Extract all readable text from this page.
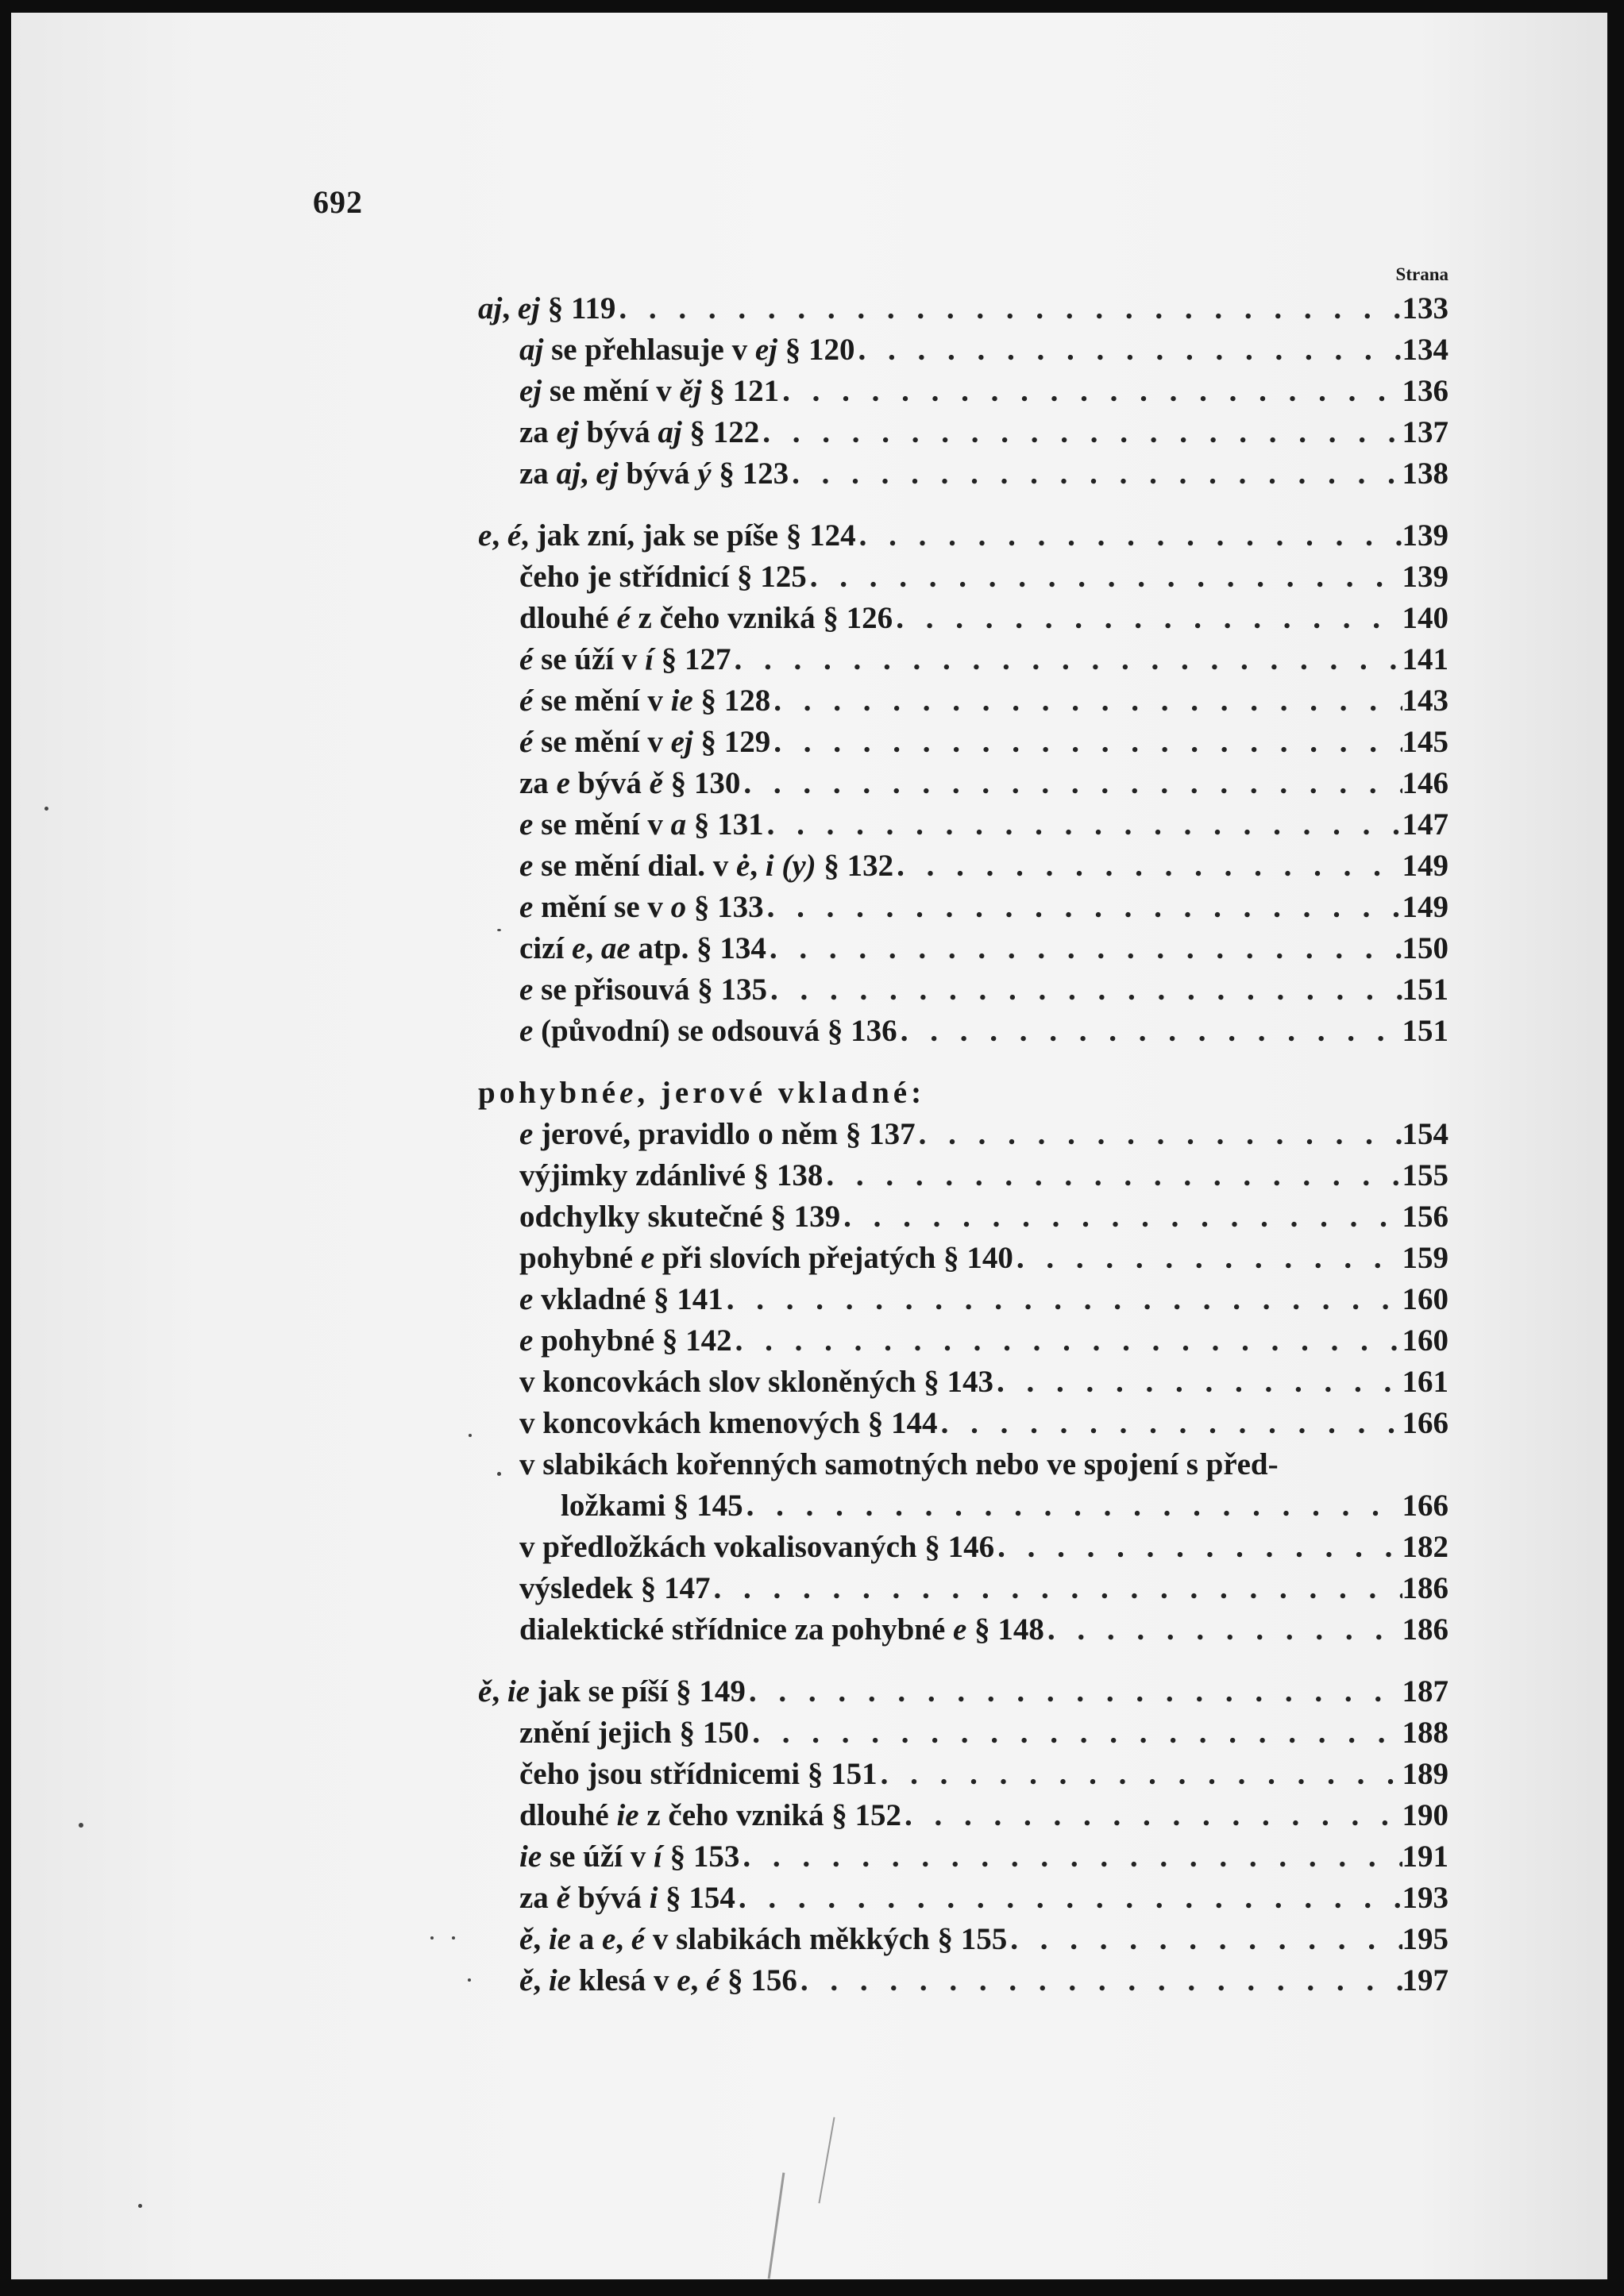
692
Strana
aj, ej § 119 . . .	133
aj se přehlasuje v ej § 120 . . .	134
ej se mění v ěj § 121 . . .	136
za ej bývá aj § 122 . . .	137
za aj, ej bývá ý § 123 . . .	138
e, é, jak zní, jak se píše § 124 . . .	139
čeho je střídnicí § 125 . . .	139
dlouhé é z čeho vzniká § 126 . . .	140
é se úží v í § 127 . . .	141
é se mění v ie § 128 . . .	143
é se mění v ej § 129 . . .	145
za e bývá ě § 130 . . .	146
e se mění v a § 131 . . .	147
e se mění dial. v ė, i (y) § 132 . . .	149
e mění se v o § 133 . . .	149
cizí e, ae atp. § 134 . . .	150
e se přisouvá § 135 . . .	151
e (původní) se odsouvá § 136 . . .	151
pohybné e , jerové vkladné:
e jerové, pravidlo o něm § 137 . . .	154
výjimky zdánlivé § 138 . . .	155
odchylky skutečné § 139 . . .	156
pohybné e při slovích přejatých § 140 . . .	159
e vkladné § 141 . . .	160
e pohybné § 142 . . .	160
v koncovkách slov skloněných § 143 . . .	161
v koncovkách kmenových § 144 . . .	166
v slabikách kořenných samotných nebo ve spojení s před-
ložkami § 145 . . .	166
v předložkách vokalisovaných § 146 . . .	182
výsledek § 147 . . .	186
dialektické střídnice za pohybné e § 148 . . .	186
ě, ie jak se píší § 149 . . .	187
znění jejich § 150 . . .	188
čeho jsou střídnicemi § 151 . . .	189
dlouhé ie z čeho vzniká § 152 . . .	190
ie se úží v í § 153 . . .	191
za ě bývá i § 154 . . .	193
ě, ie a e, é v slabikách měkkých § 155 . . .	195
ě, ie klesá v e, é § 156 . . .	197
